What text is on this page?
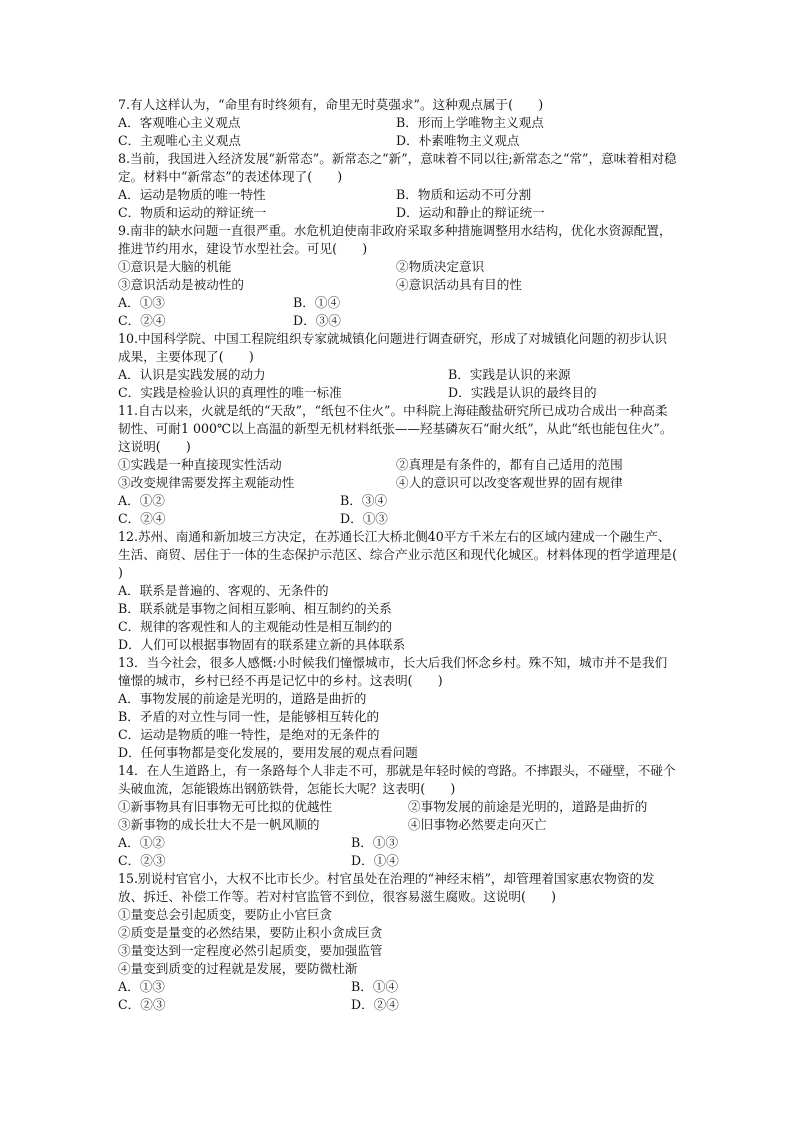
7.有人这样认为，“命里有时终须有，命里无时莫强求”。这种观点属于(　　)

A．客观唯心主义观点	B．形而上学唯物主义观点
C．主观唯心主义观点	D．朴素唯物主义观点

8.当前，我国进入经济发展“新常态”。新常态之“新”，意味着不同以往;新常态之“常”，意味着相对稳定。材料中“新常态”的表述体现了(　　)

A．运动是物质的唯一特性	B．物质和运动不可分割
C．物质和运动的辩证统一	D．运动和静止的辩证统一

9.南非的缺水问题一直很严重。水危机迫使南非政府采取多种措施调整用水结构，优化水资源配置，推进节约用水，建设节水型社会。可见(　　)

①意识是大脑的机能	②物质决定意识
③意识活动是被动性的	④意识活动具有目的性
A．①③	B．①④
C．②④	D．③④

10.中国科学院、中国工程院组织专家就城镇化问题进行调查研究，形成了对城镇化问题的初步认识成果，主要体现了(　　)

A．认识是实践发展的动力	B．实践是认识的来源
C．实践是检验认识的真理性的唯一标准	D．实践是认识的最终目的

11.自古以来，火就是纸的“天敌”，“纸包不住火”。中科院上海硅酸盐研究所已成功合成出一种高柔韧性、可耐1 000℃以上高温的新型无机材料纸张——羟基磷灰石“耐火纸”，从此“纸也能包住火”。这说明(　　)

①实践是一种直接现实性活动	②真理是有条件的，都有自己适用的范围
③改变规律需要发挥主观能动性	④人的意识可以改变客观世界的固有规律
A．①②	B．③④
C．②④	D．①③

12.苏州、南通和新加坡三方决定，在苏通长江大桥北侧40平方千米左右的区域内建成一个融生产、生活、商贸、居住于一体的生态保护示范区、综合产业示范区和现代化城区。材料体现的哲学道理是(　　)

A．联系是普遍的、客观的、无条件的

B．联系就是事物之间相互影响、相互制约的关系

C．规律的客观性和人的主观能动性是相互制约的

D．人们可以根据事物固有的联系建立新的具体联系

13．当今社会，很多人感慨:小时候我们憧憬城市，长大后我们怀念乡村。殊不知，城市并不是我们憧憬的城市，乡村已经不再是记忆中的乡村。这表明(　　)

A．事物发展的前途是光明的，道路是曲折的

B．矛盾的对立性与同一性，是能够相互转化的

C．运动是物质的唯一特性，是绝对的无条件的

D．任何事物都是变化发展的，要用发展的观点看问题

14．在人生道路上，有一条路每个人非走不可，那就是年轻时候的弯路。不摔跟头，不碰壁，不碰个头破血流，怎能锻炼出钢筋铁骨，怎能长大呢？这表明(　　)

①新事物具有旧事物无可比拟的优越性	②事物发展的前途是光明的，道路是曲折的
③新事物的成长壮大不是一帆风顺的	④旧事物必然要走向灭亡
A．①②	B．①③
C．②③	D．①④

15.别说村官官小，大权不比市长少。村官虽处在治理的“神经末梢”，却管理着国家惠农物资的发放、拆迁、补偿工作等。若对村官监管不到位，很容易滋生腐败。这说明(　　)

①量变总会引起质变，要防止小官巨贪

②质变是量变的必然结果，要防止积小贪成巨贪

③量变达到一定程度必然引起质变，要加强监管

④量变到质变的过程就是发展，要防微杜渐

A．①③	B．①④
C．②③	D．②④
